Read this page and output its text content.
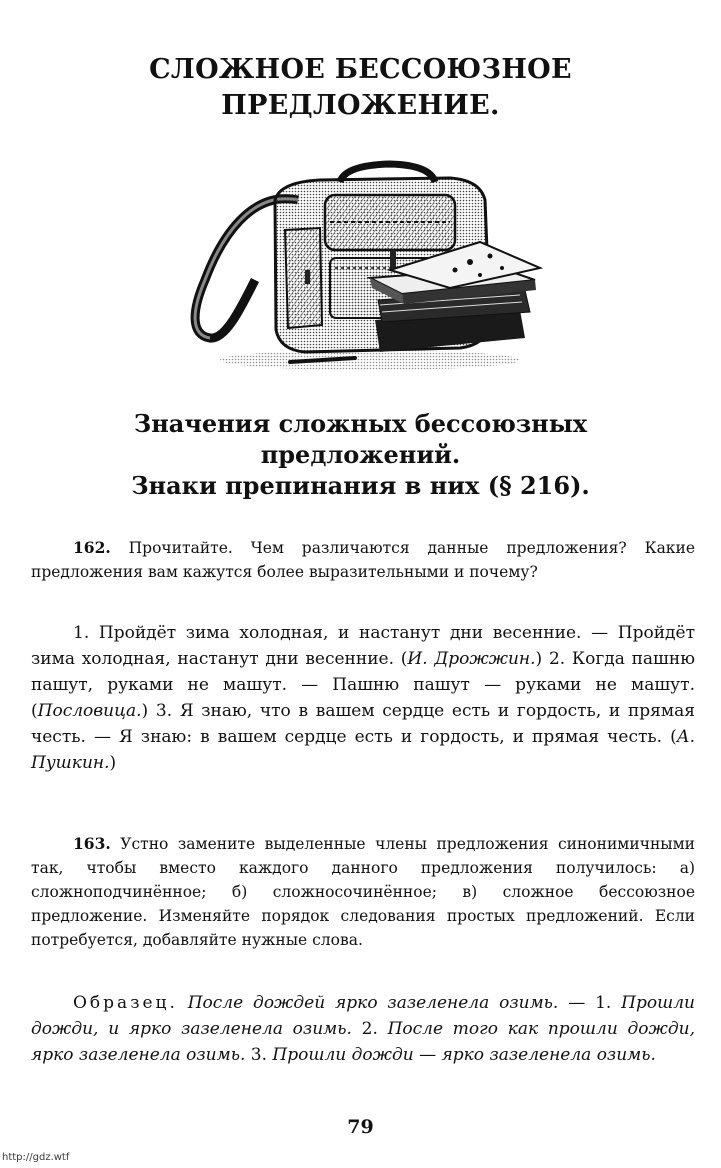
СЛОЖНОЕ БЕССОЮЗНОЕ
ПРЕДЛОЖЕНИЕ.
Значения сложных бессоюзных
предложений.
Знаки препинания в них (§ 216).

162. Прочитайте. Чем различаются данные предложения? Какие предложения вам кажутся более выразительными и почему?

1. Пройдёт зима холодная, и настанут дни весенние. — Пройдёт зима холодная, настанут дни весенние. (И. Дрожжин.) 2. Когда пашню пашут, руками не машут. — Пашню пашут — руками не машут. (Пословица.) 3. Я знаю, что в вашем сердце есть и гордость, и прямая честь. — Я знаю: в вашем сердце есть и гордость, и прямая честь. (А. Пушкин.)

163. Устно замените выделенные члены предложения синонимичными так, чтобы вместо каждого данного предложения получилось: а) сложноподчинённое; б) сложносочинённое; в) сложное бессоюзное предложение. Изменяйте порядок следования простых предложений. Если потребуется, добавляйте нужные слова.

Образец. После дождей ярко зазеленела озимь. — 1. Прошли дожди, и ярко зазеленела озимь. 2. После того как прошли дожди, ярко зазеленела озимь. 3. Прошли дожди — ярко зазеленела озимь.

79
http://gdz.wtf
